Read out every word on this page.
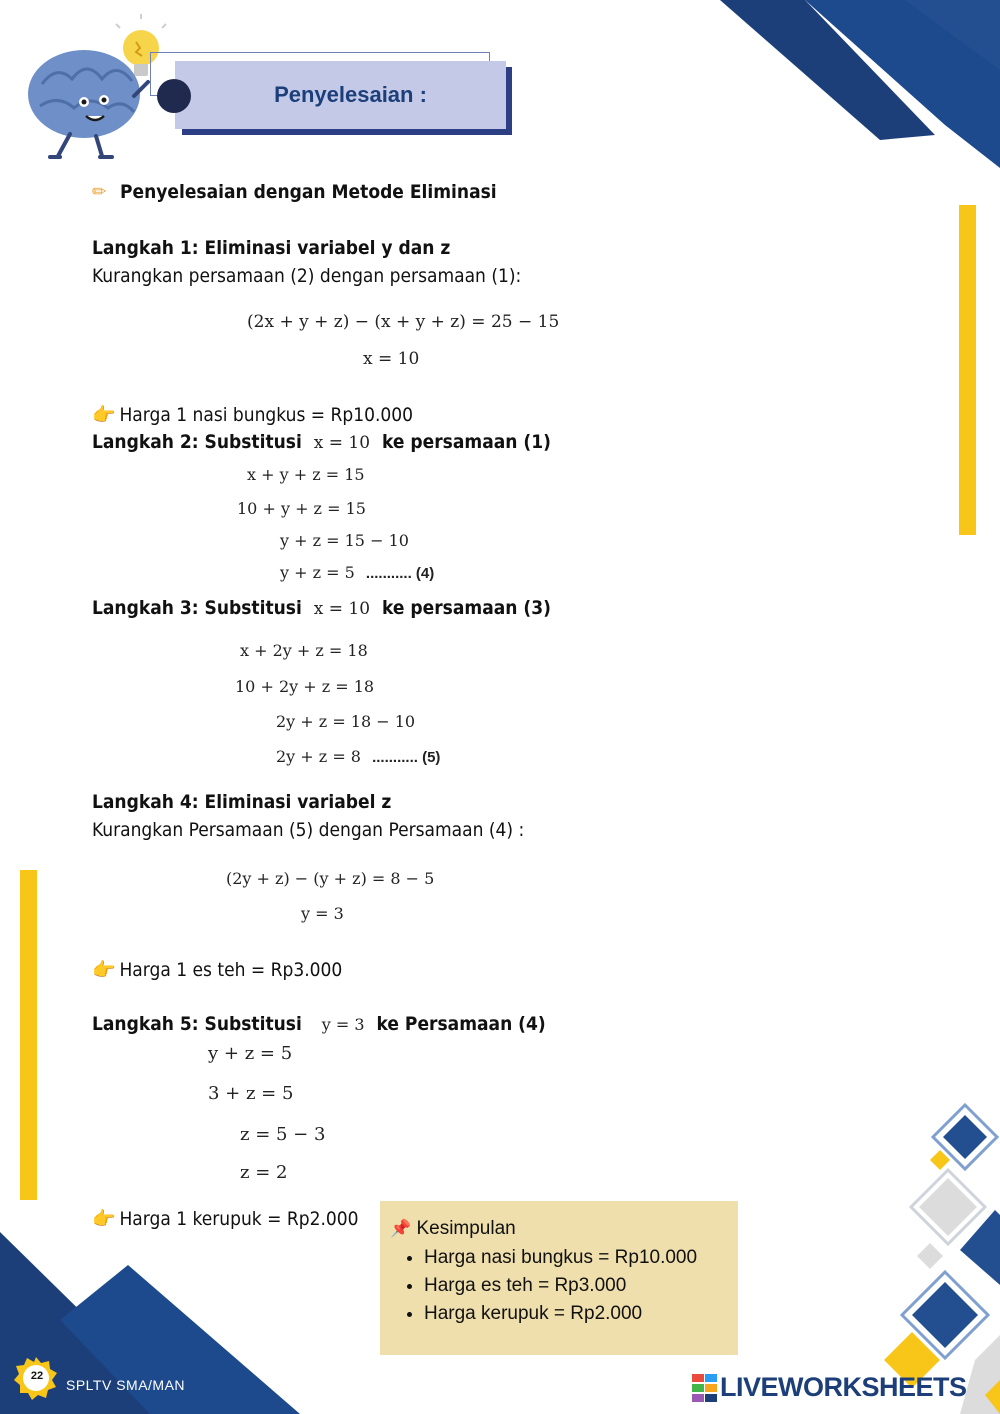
Penyelesaian :
✏ Penyelesaian dengan Metode Eliminasi
Langkah 1: Eliminasi variabel y dan z
Kurangkan persamaan (2) dengan persamaan (1):
(2x + y + z) − (x + y + z) = 25 − 15
x = 10
👉 Harga 1 nasi bungkus = Rp10.000
Langkah 2: Substitusi x = 10 ke persamaan (1)
x + y + z = 15
10 + y + z = 15
y + z = 15 − 10
y + z = 5 ........... (4)
Langkah 3: Substitusi x = 10 ke persamaan (3)
x + 2y + z = 18
10 + 2y + z = 18
2y + z = 18 − 10
2y + z = 8 ........... (5)
Langkah 4: Eliminasi variabel z
Kurangkan Persamaan (5) dengan Persamaan (4) :
(2y + z) − (y + z) = 8 − 5
y = 3
👉 Harga 1 es teh = Rp3.000
Langkah 5: Substitusi y = 3 ke Persamaan (4)
y + z = 5
3 + z = 5
z = 5 − 3
z = 2
👉 Harga 1 kerupuk = Rp2.000 📌 Kesimpulan
• Harga nasi bungkus = Rp10.000
• Harga es teh = Rp3.000
• Harga kerupuk = Rp2.000
22
SPLTV SMA/MAN	LIVEWORKSHEETS
